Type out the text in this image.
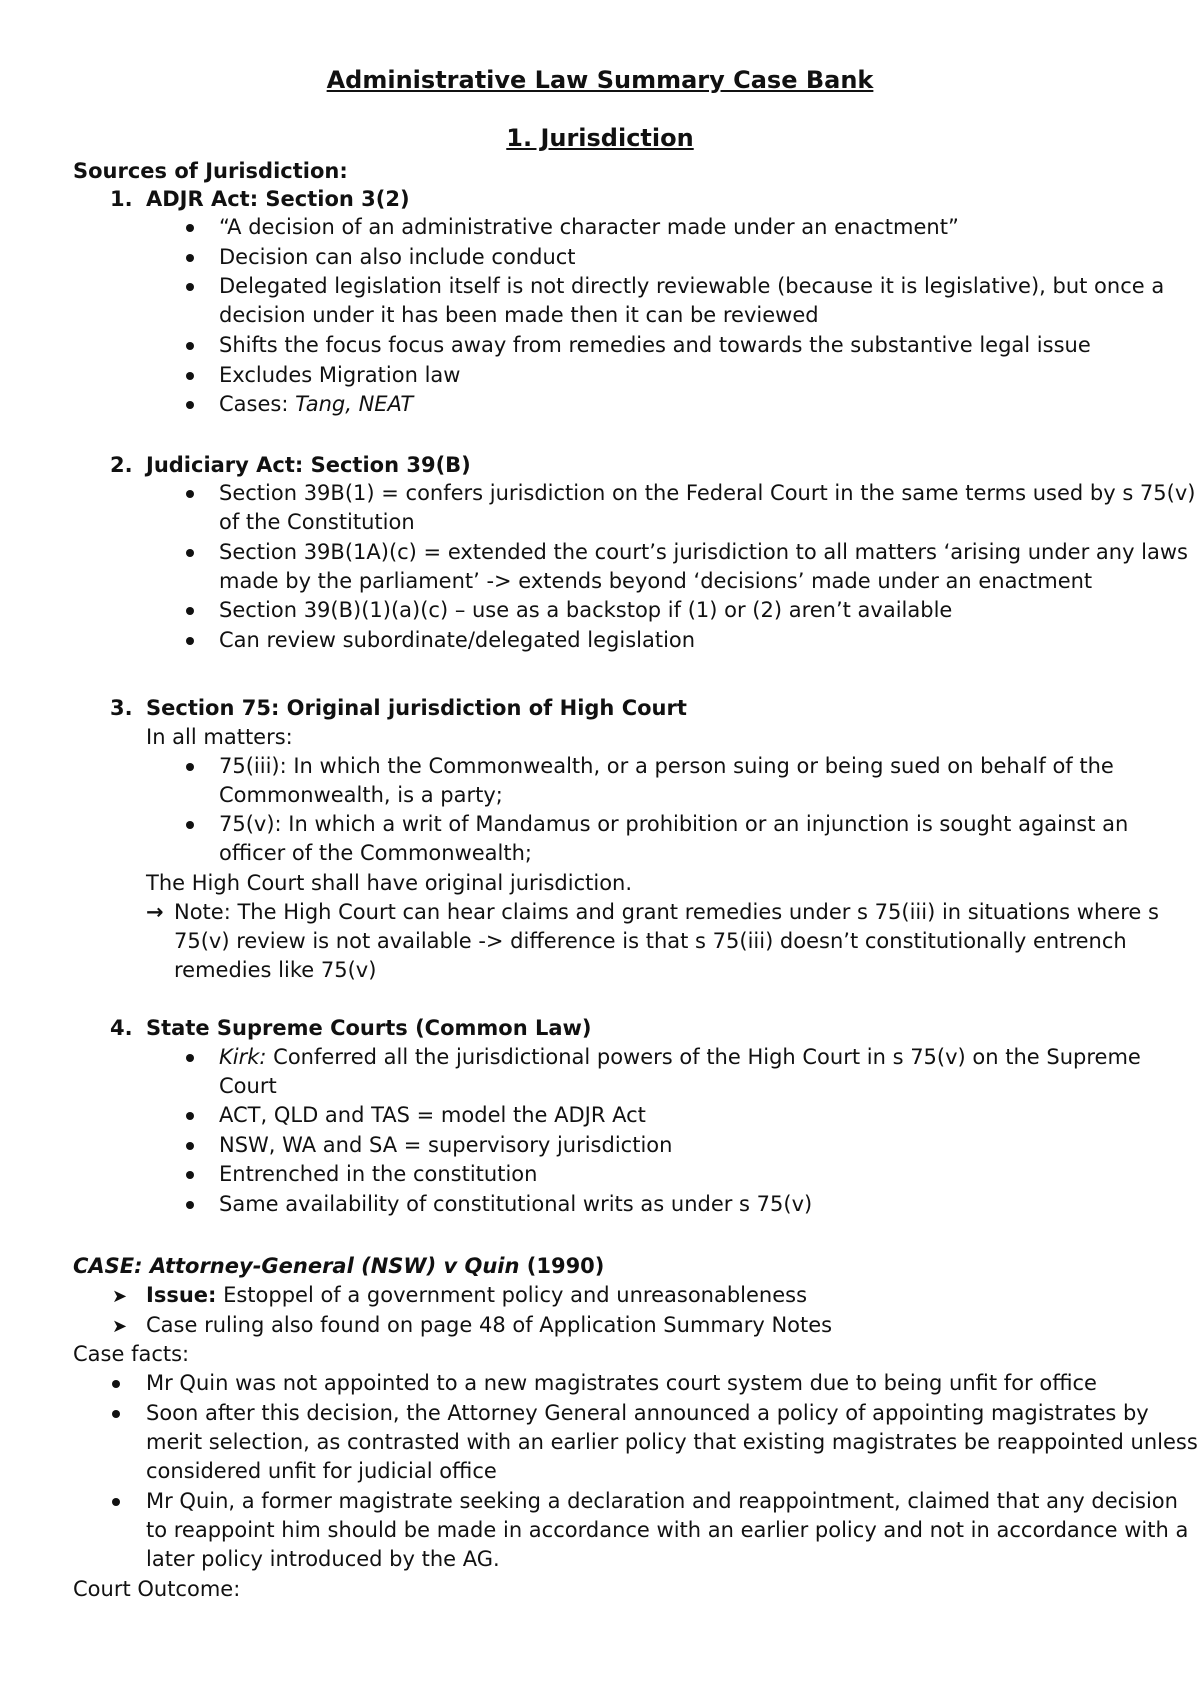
Administrative Law Summary Case Bank
1. Jurisdiction
Sources of Jurisdiction:
1. ADJR Act: Section 3(2)
“A decision of an administrative character made under an enactment”
Decision can also include conduct
Delegated legislation itself is not directly reviewable (because it is legislative), but once a
decision under it has been made then it can be reviewed
Shifts the focus focus away from remedies and towards the substantive legal issue
Excludes Migration law
Cases: Tang, NEAT
2. Judiciary Act: Section 39(B)
Section 39B(1) = confers jurisdiction on the Federal Court in the same terms used by s 75(v)
of the Constitution
Section 39B(1A)(c) = extended the court’s jurisdiction to all matters ‘arising under any laws
made by the parliament’ -> extends beyond ‘decisions’ made under an enactment
Section 39(B)(1)(a)(c) – use as a backstop if (1) or (2) aren’t available
Can review subordinate/delegated legislation
3. Section 75: Original jurisdiction of High Court
In all matters:
75(iii): In which the Commonwealth, or a person suing or being sued on behalf of the
Commonwealth, is a party;
75(v): In which a writ of Mandamus or prohibition or an injunction is sought against an
officer of the Commonwealth;
The High Court shall have original jurisdiction.
→ Note: The High Court can hear claims and grant remedies under s 75(iii) in situations where s
75(v) review is not available -> difference is that s 75(iii) doesn’t constitutionally entrench
remedies like 75(v)
4. State Supreme Courts (Common Law)
Kirk: Conferred all the jurisdictional powers of the High Court in s 75(v) on the Supreme
Court
ACT, QLD and TAS = model the ADJR Act
NSW, WA and SA = supervisory jurisdiction
Entrenched in the constitution
Same availability of constitutional writs as under s 75(v)
CASE: Attorney-General (NSW) v Quin (1990)
➤ Issue: Estoppel of a government policy and unreasonableness
➤ Case ruling also found on page 48 of Application Summary Notes
Case facts:
Mr Quin was not appointed to a new magistrates court system due to being unfit for office
Soon after this decision, the Attorney General announced a policy of appointing magistrates by
merit selection, as contrasted with an earlier policy that existing magistrates be reappointed unless
considered unfit for judicial office
Mr Quin, a former magistrate seeking a declaration and reappointment, claimed that any decision
to reappoint him should be made in accordance with an earlier policy and not in accordance with a
later policy introduced by the AG.
Court Outcome:
